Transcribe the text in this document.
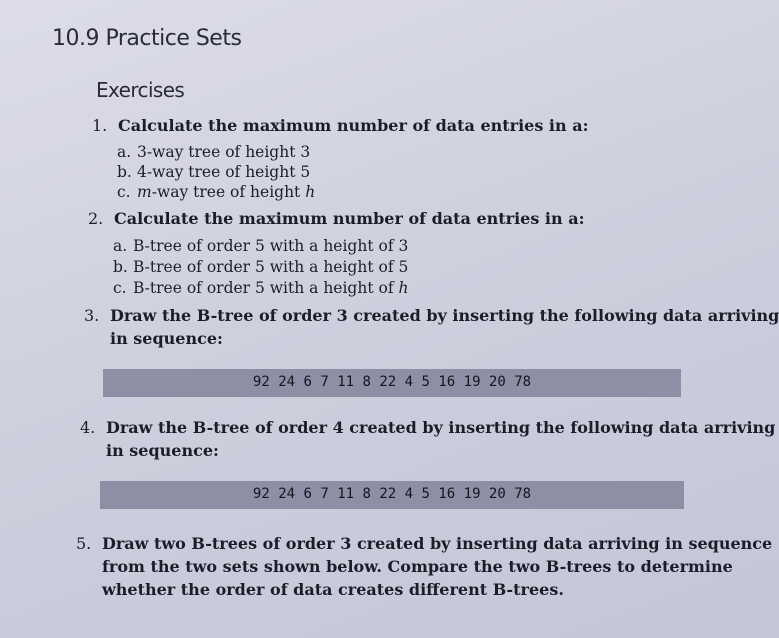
10.9 Practice Sets
Exercises
1. Calculate the maximum number of data entries in a:
a. 3-way tree of height 3
b. 4-way tree of height 5
c. m-way tree of height h
2. Calculate the maximum number of data entries in a:
a. B-tree of order 5 with a height of 3
b. B-tree of order 5 with a height of 5
c. B-tree of order 5 with a height of h
3. Draw the B-tree of order 3 created by inserting the following data arriving
in sequence:
92 24 6 7 11 8 22 4 5 16 19 20 78
4. Draw the B-tree of order 4 created by inserting the following data arriving
in sequence:
92 24 6 7 11 8 22 4 5 16 19 20 78
5. Draw two B-trees of order 3 created by inserting data arriving in sequence
from the two sets shown below. Compare the two B-trees to determine
whether the order of data creates different B-trees.
